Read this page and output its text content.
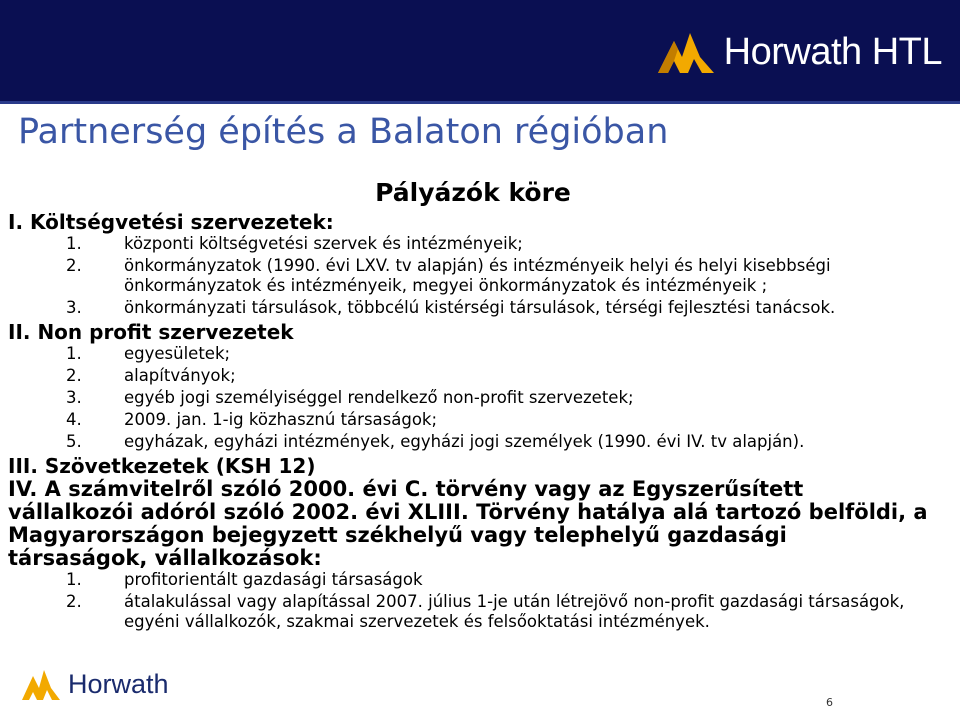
Horwath HTL
Partnerség építés a Balaton régióban
Pályázók köre

I. Költségvetési szervezetek:

1.	központi költségvetési szervek és intézményeik;
2.	önkormányzatok (1990. évi LXV. tv alapján) és intézményeik helyi és helyi kisebbségi önkormányzatok és intézményeik, megyei önkormányzatok és intézményeik ;
3.	önkormányzati társulások, többcélú kistérségi társulások, térségi fejlesztési tanácsok.

II. Non profit szervezetek

1.	egyesületek;
2.	alapítványok;
3.	egyéb jogi személyiséggel rendelkező non-profit szervezetek;
4.	2009. jan. 1-ig közhasznú társaságok;
5.	egyházak, egyházi intézmények, egyházi jogi személyek (1990. évi IV. tv alapján).

III. Szövetkezetek (KSH 12)

IV. A számvitelről szóló 2000. évi C. törvény vagy az Egyszerűsített vállalkozói adóról szóló 2002. évi XLIII. Törvény hatálya alá tartozó belföldi, a Magyarországon bejegyzett székhelyű vagy telephelyű gazdasági társaságok, vállalkozások:

1.	profitorientált gazdasági társaságok
2.	átalakulással vagy alapítással 2007. július 1-je után létrejövő non-profit gazdasági társaságok, egyéni vállalkozók, szakmai szervezetek és felsőoktatási intézmények.
Horwath
6
